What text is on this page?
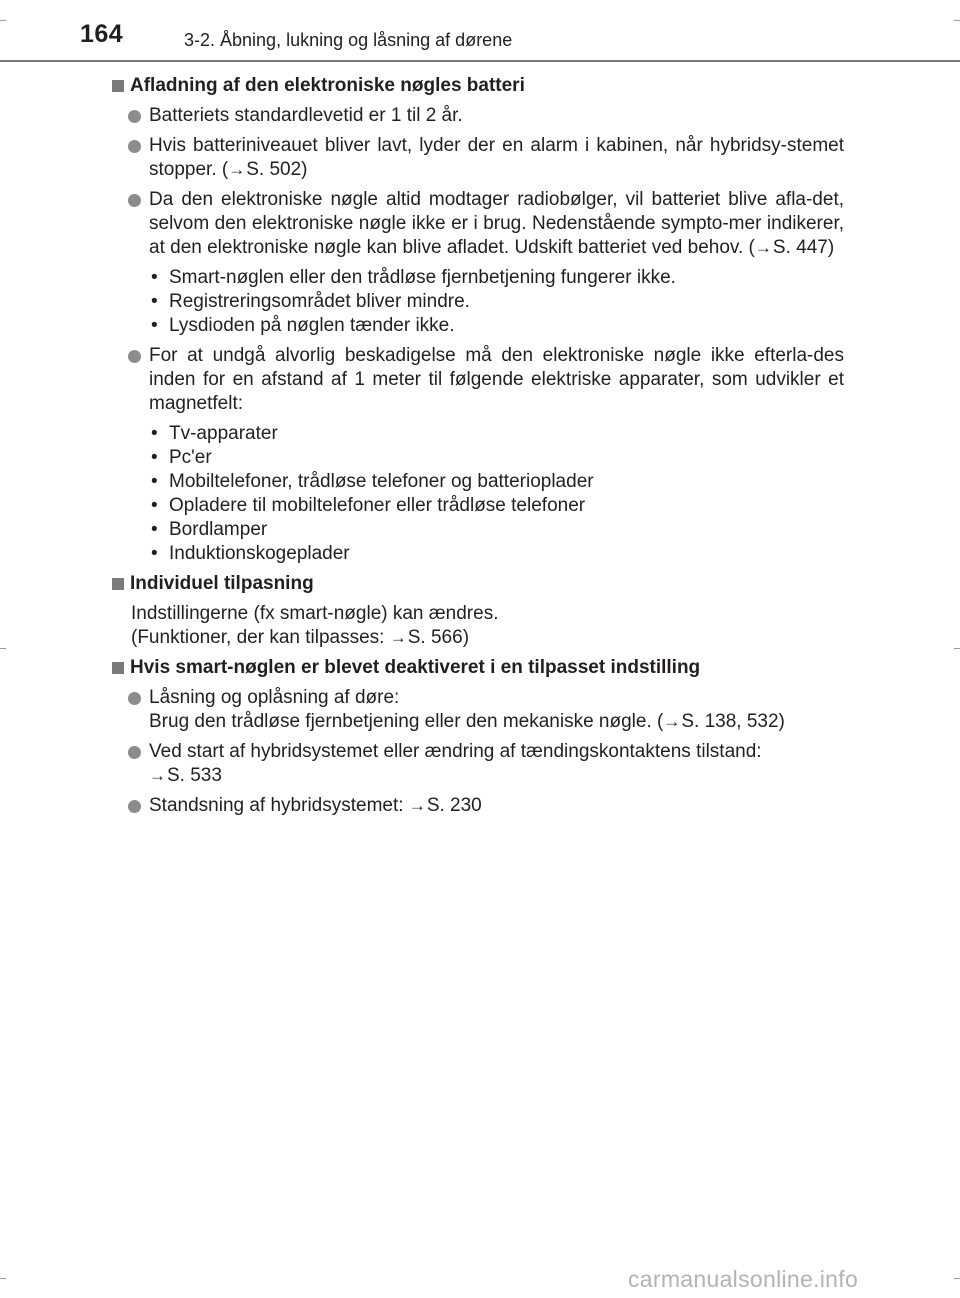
164	3-2. Åbning, lukning og låsning af dørene
Afladning af den elektroniske nøgles batteri
Batteriets standardlevetid er 1 til 2 år.
Hvis batteriniveauet bliver lavt, lyder der en alarm i kabinen, når hybridsy-stemet stopper. (→S. 502)
Da den elektroniske nøgle altid modtager radiobølger, vil batteriet blive afla-det, selvom den elektroniske nøgle ikke er i brug. Nedenstående sympto-mer indikerer, at den elektroniske nøgle kan blive afladet. Udskift batteriet ved behov. (→S. 447)
• Smart-nøglen eller den trådløse fjernbetjening fungerer ikke.
• Registreringsområdet bliver mindre.
• Lysdioden på nøglen tænder ikke.
For at undgå alvorlig beskadigelse må den elektroniske nøgle ikke efterla-des inden for en afstand af 1 meter til følgende elektriske apparater, som udvikler et magnetfelt:
• Tv-apparater
• Pc'er
• Mobiltelefoner, trådløse telefoner og batterioplader
• Opladere til mobiltelefoner eller trådløse telefoner
• Bordlamper
• Induktionskogeplader
Individuel tilpasning
Indstillingerne (fx smart-nøgle) kan ændres.
(Funktioner, der kan tilpasses: →S. 566)
Hvis smart-nøglen er blevet deaktiveret i en tilpasset indstilling
Låsning og oplåsning af døre:
Brug den trådløse fjernbetjening eller den mekaniske nøgle. (→S. 138, 532)
Ved start af hybridsystemet eller ændring af tændingskontaktens tilstand:
→S. 533
Standsning af hybridsystemet: →S. 230
carmanualsonline.info
